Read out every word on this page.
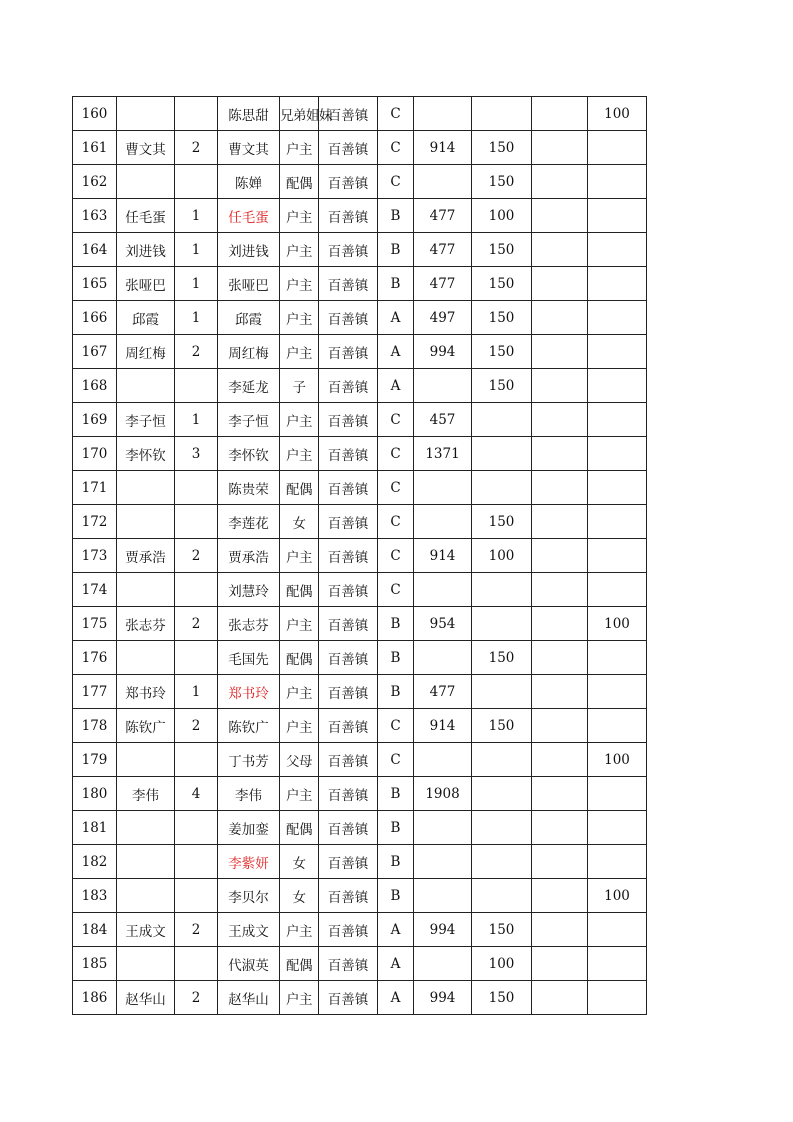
160			陈思甜	兄弟姐妹	百善镇	C				100
161	曹文其	2	曹文其	户主	百善镇	C	914	150		
162			陈婵	配偶	百善镇	C		150		
163	任毛蛋	1	任毛蛋	户主	百善镇	B	477	100		
164	刘进钱	1	刘进钱	户主	百善镇	B	477	150		
165	张哑巴	1	张哑巴	户主	百善镇	B	477	150		
166	邱霞	1	邱霞	户主	百善镇	A	497	150		
167	周红梅	2	周红梅	户主	百善镇	A	994	150		
168			李延龙	子	百善镇	A		150		
169	李子恒	1	李子恒	户主	百善镇	C	457			
170	李怀钦	3	李怀钦	户主	百善镇	C	1371			
171			陈贵荣	配偶	百善镇	C				
172			李莲花	女	百善镇	C		150		
173	贾承浩	2	贾承浩	户主	百善镇	C	914	100		
174			刘慧玲	配偶	百善镇	C				
175	张志芬	2	张志芬	户主	百善镇	B	954			100
176			毛国先	配偶	百善镇	B		150		
177	郑书玲	1	郑书玲	户主	百善镇	B	477			
178	陈钦广	2	陈钦广	户主	百善镇	C	914	150		
179			丁书芳	父母	百善镇	C				100
180	李伟	4	李伟	户主	百善镇	B	1908			
181			姜加銮	配偶	百善镇	B				
182			李紫妍	女	百善镇	B				
183			李贝尔	女	百善镇	B				100
184	王成文	2	王成文	户主	百善镇	A	994	150		
185			代淑英	配偶	百善镇	A		100		
186	赵华山	2	赵华山	户主	百善镇	A	994	150		
